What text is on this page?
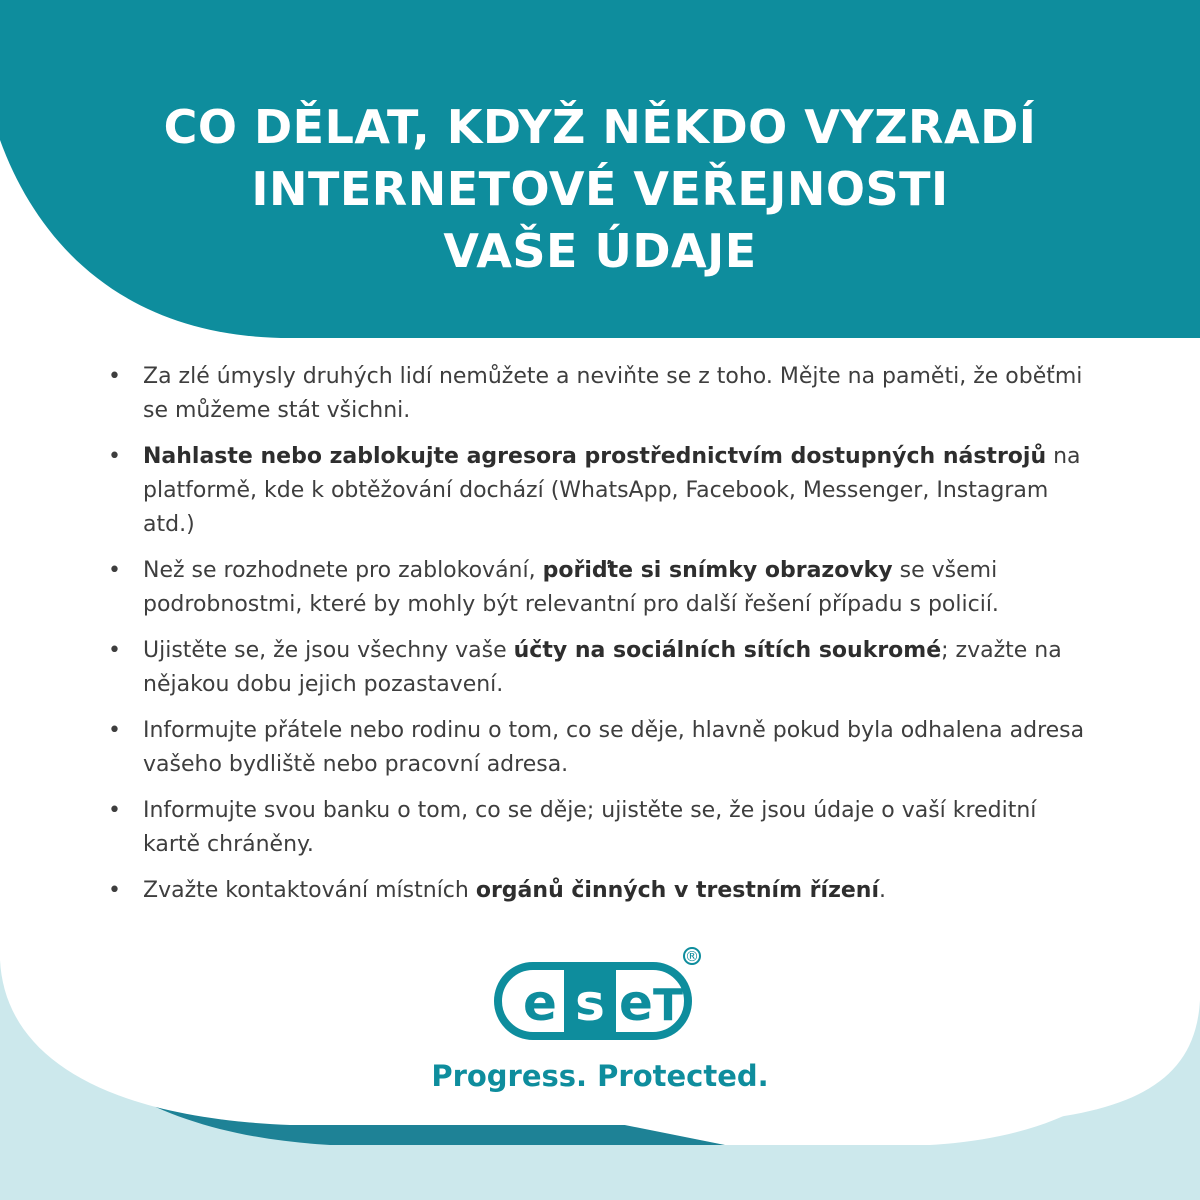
CO DĚLAT, KDYŽ NĚKDO VYZRADÍ
INTERNETOVÉ VEŘEJNOSTI
VAŠE ÚDAJE
• Za zlé úmysly druhých lidí nemůžete a neviňte se z toho. Mějte na paměti, že oběťmi se můžeme stát všichni.
• Nahlaste nebo zablokujte agresora prostřednictvím dostupných nástrojů na platformě, kde k obtěžování dochází (WhatsApp, Facebook, Messenger, Instagram atd.)
• Než se rozhodnete pro zablokování, pořiďte si snímky obrazovky se všemi podrobnostmi, které by mohly být relevantní pro další řešení případu s policií.
• Ujistěte se, že jsou všechny vaše účty na sociálních sítích soukromé; zvažte na nějakou dobu jejich pozastavení.
• Informujte přátele nebo rodinu o tom, co se děje, hlavně pokud byla odhalena adresa vašeho bydliště nebo pracovní adresa.
• Informujte svou banku o tom, co se děje; ujistěte se, že jsou údaje o vaší kreditní kartě chráněny.
• Zvažte kontaktování místních orgánů činných v trestním řízení.
e s e T
®

Progress. Protected.
